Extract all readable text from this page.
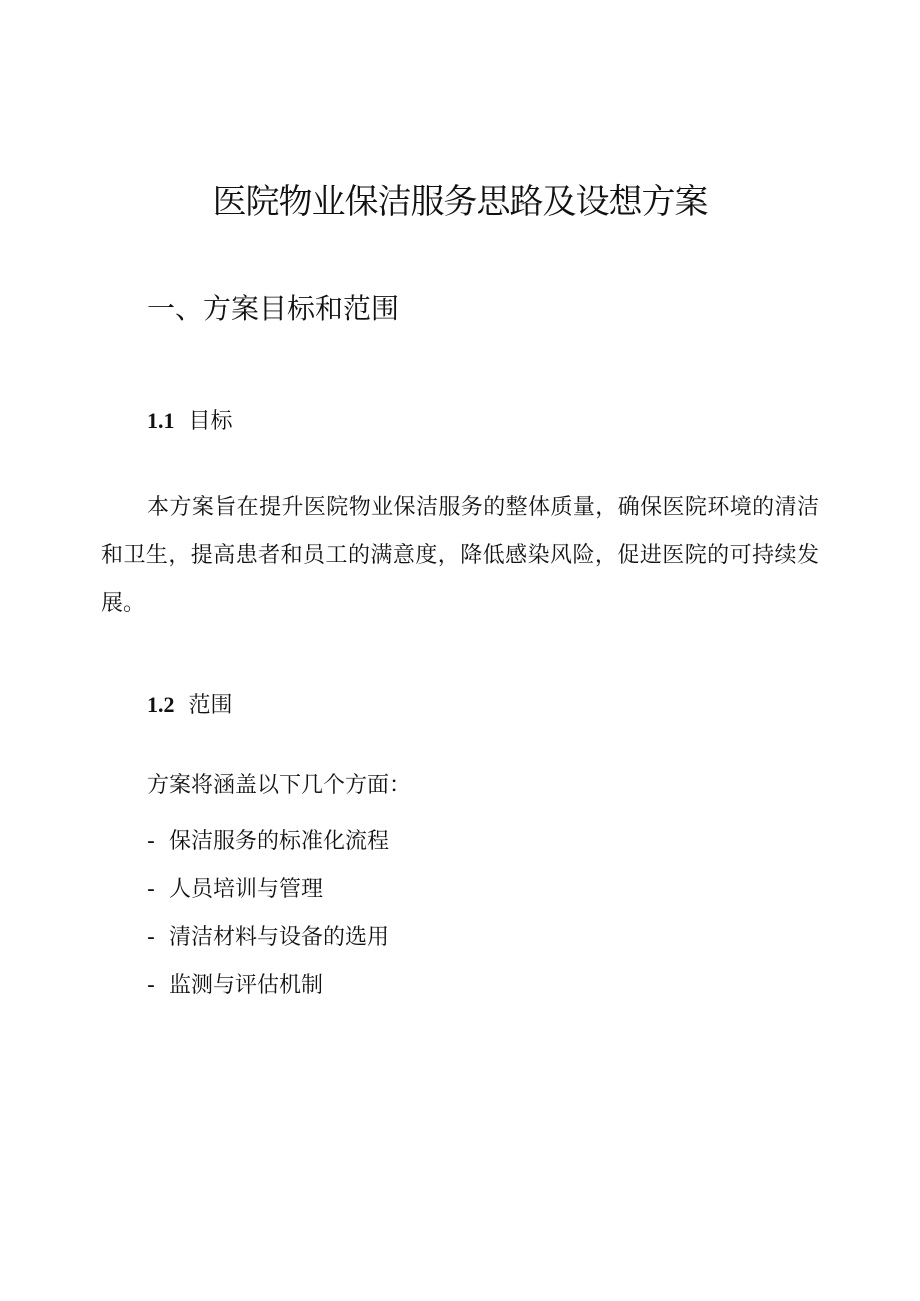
医院物业保洁服务思路及设想方案
一、方案目标和范围
1.1 目标

本方案旨在提升医院物业保洁服务的整体质量，确保医院环境的清洁和卫生，提高患者和员工的满意度，降低感染风险，促进医院的可持续发展。

1.2 范围

方案将涵盖以下几个方面：

- 保洁服务的标准化流程
- 人员培训与管理
- 清洁材料与设备的选用
- 监测与评估机制
